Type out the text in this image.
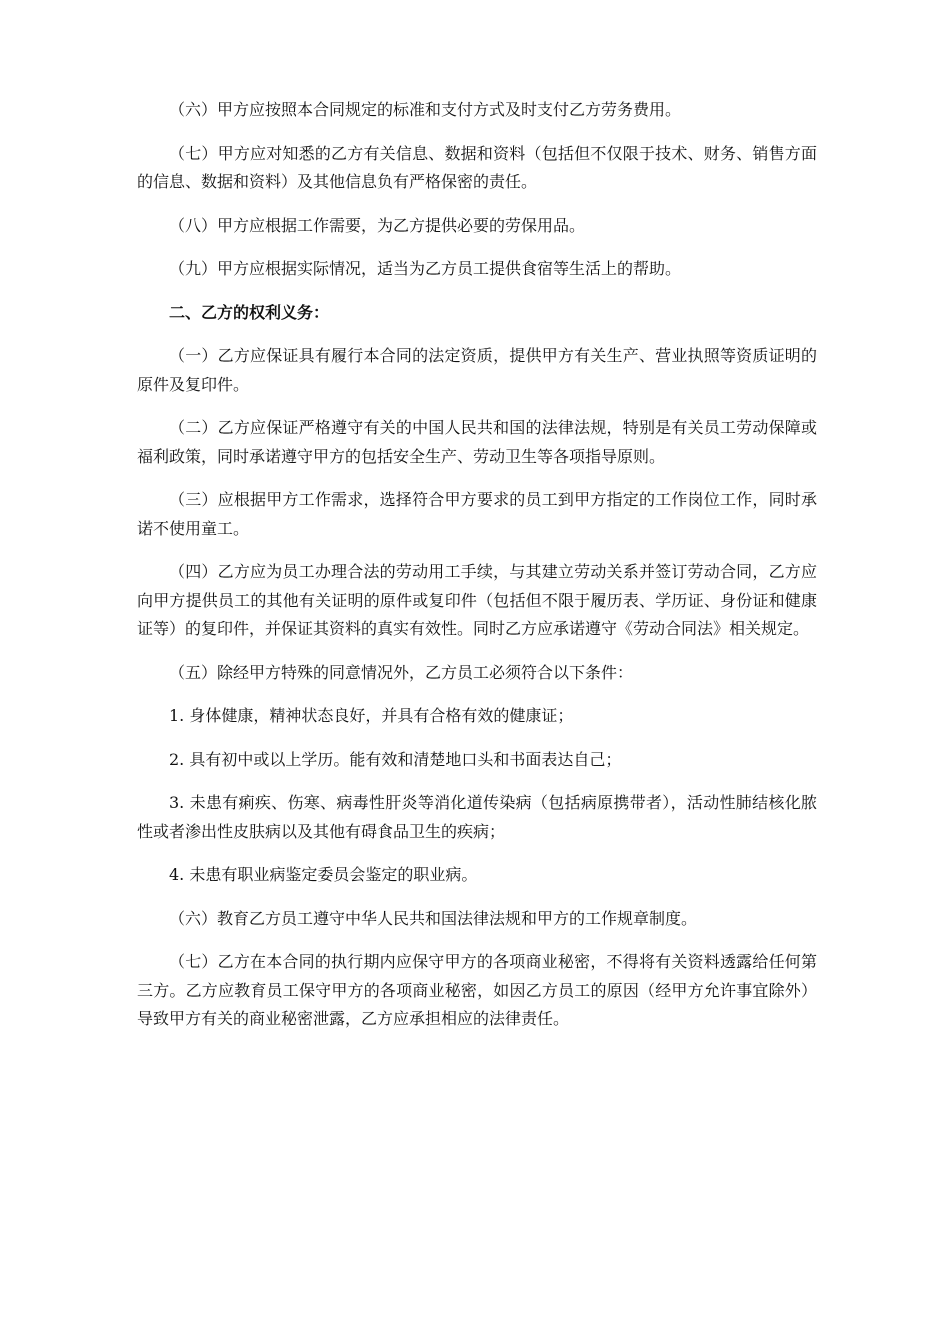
（六）甲方应按照本合同规定的标准和支付方式及时支付乙方劳务费用。

（七）甲方应对知悉的乙方有关信息、数据和资料（包括但不仅限于技术、财务、销售方面的信息、数据和资料）及其他信息负有严格保密的责任。

（八）甲方应根据工作需要，为乙方提供必要的劳保用品。

（九）甲方应根据实际情况，适当为乙方员工提供食宿等生活上的帮助。

二、乙方的权利义务：

（一）乙方应保证具有履行本合同的法定资质，提供甲方有关生产、营业执照等资质证明的原件及复印件。

（二）乙方应保证严格遵守有关的中国人民共和国的法律法规，特别是有关员工劳动保障或福利政策，同时承诺遵守甲方的包括安全生产、劳动卫生等各项指导原则。

（三）应根据甲方工作需求，选择符合甲方要求的员工到甲方指定的工作岗位工作，同时承诺不使用童工。

（四）乙方应为员工办理合法的劳动用工手续，与其建立劳动关系并签订劳动合同，乙方应向甲方提供员工的其他有关证明的原件或复印件（包括但不限于履历表、学历证、身份证和健康证等）的复印件，并保证其资料的真实有效性。同时乙方应承诺遵守《劳动合同法》相关规定。

（五）除经甲方特殊的同意情况外，乙方员工必须符合以下条件：

1. 身体健康，精神状态良好，并具有合格有效的健康证；

2. 具有初中或以上学历。能有效和清楚地口头和书面表达自己；

3. 未患有痢疾、伤寒、病毒性肝炎等消化道传染病（包括病原携带者），活动性肺结核化脓性或者渗出性皮肤病以及其他有碍食品卫生的疾病；

4. 未患有职业病鉴定委员会鉴定的职业病。

（六）教育乙方员工遵守中华人民共和国法律法规和甲方的工作规章制度。

（七）乙方在本合同的执行期内应保守甲方的各项商业秘密，不得将有关资料透露给任何第三方。乙方应教育员工保守甲方的各项商业秘密，如因乙方员工的原因（经甲方允许事宜除外）导致甲方有关的商业秘密泄露，乙方应承担相应的法律责任。
